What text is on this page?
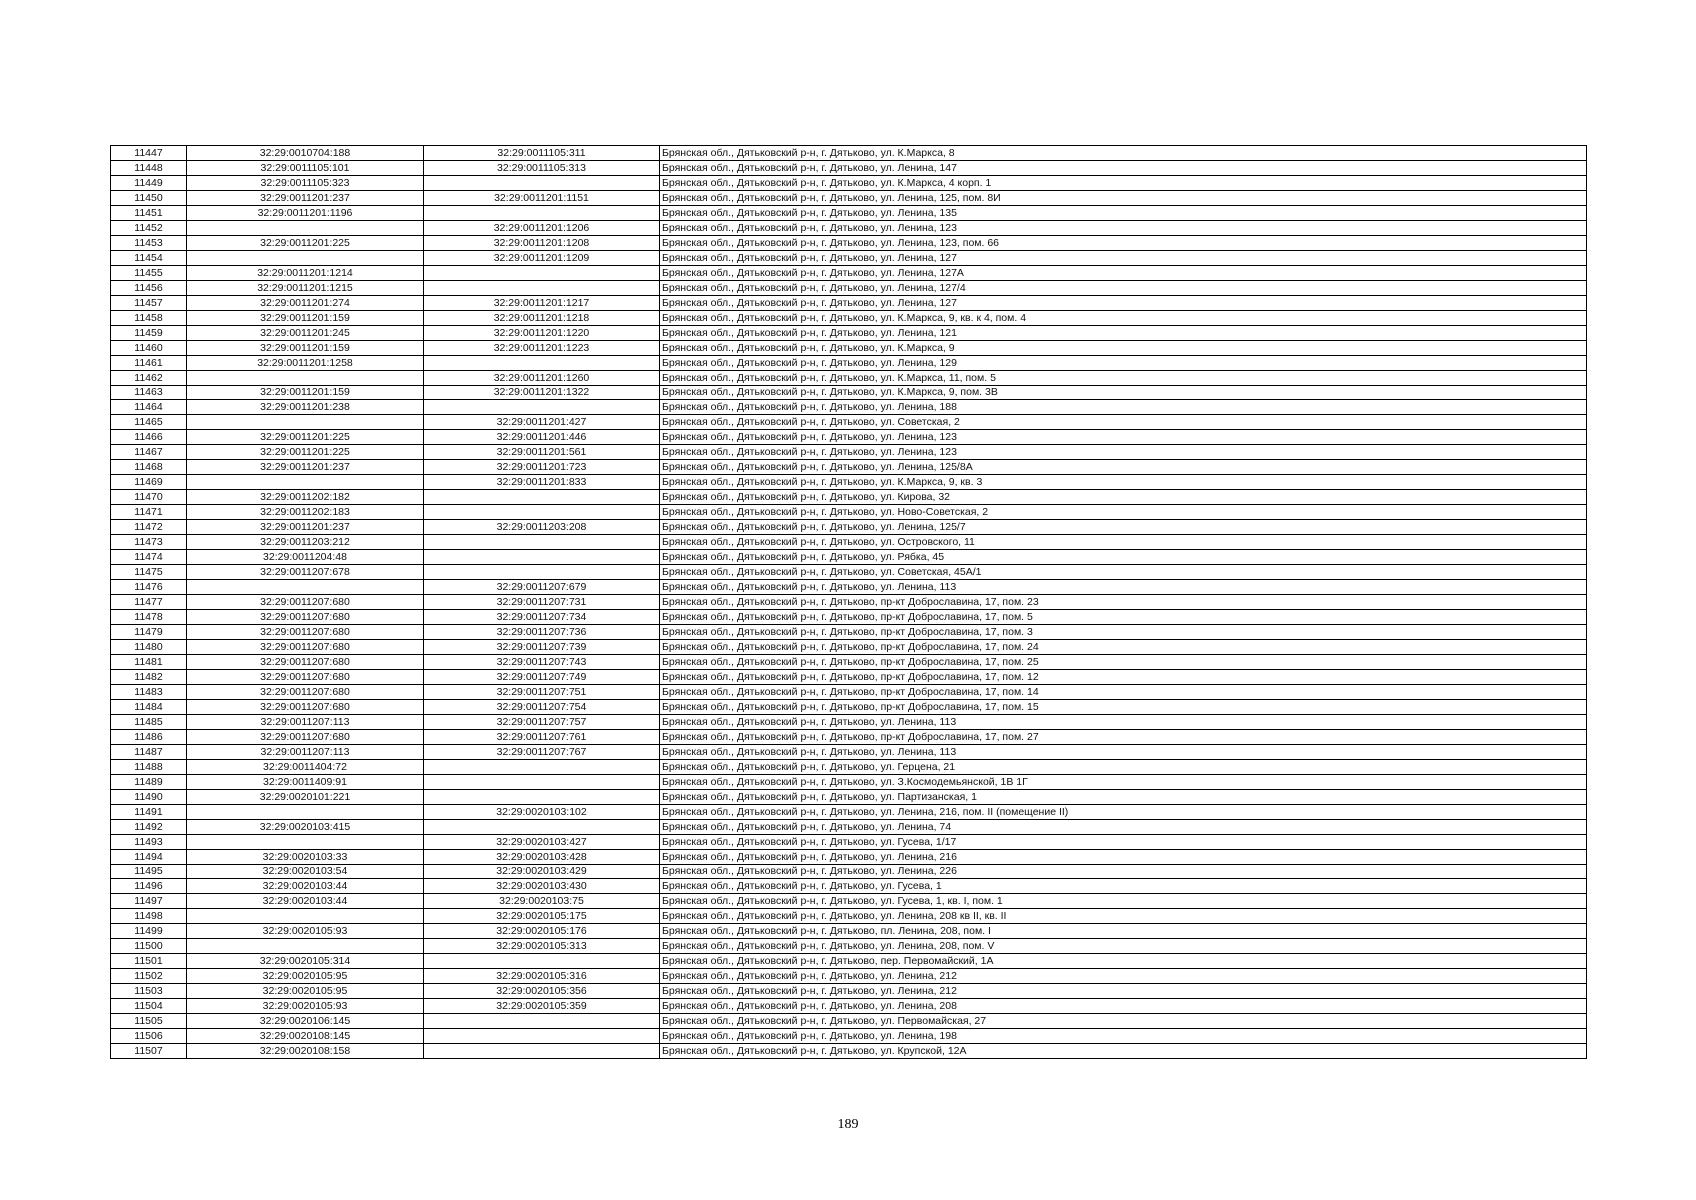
11447	32:29:0010704:188	32:29:0011105:311	Брянская обл., Дятьковский р-н, г. Дятьково, ул. К.Маркса, 8
11448	32:29:0011105:101	32:29:0011105:313	Брянская обл., Дятьковский р-н, г. Дятьково, ул. Ленина, 147
11449	32:29:0011105:323		Брянская обл., Дятьковский р-н, г. Дятьково, ул. К.Маркса, 4 корп. 1
11450	32:29:0011201:237	32:29:0011201:1151	Брянская обл., Дятьковский р-н, г. Дятьково, ул. Ленина, 125, пом. 8И
11451	32:29:0011201:1196		Брянская обл., Дятьковский р-н, г. Дятьково, ул. Ленина, 135
11452		32:29:0011201:1206	Брянская обл., Дятьковский р-н, г. Дятьково, ул. Ленина, 123
11453	32:29:0011201:225	32:29:0011201:1208	Брянская обл., Дятьковский р-н, г. Дятьково, ул. Ленина, 123, пом. 66
11454		32:29:0011201:1209	Брянская обл., Дятьковский р-н, г. Дятьково, ул. Ленина, 127
11455	32:29:0011201:1214		Брянская обл., Дятьковский р-н, г. Дятьково, ул. Ленина, 127А
11456	32:29:0011201:1215		Брянская обл., Дятьковский р-н, г. Дятьково, ул. Ленина, 127/4
11457	32:29:0011201:274	32:29:0011201:1217	Брянская обл., Дятьковский р-н, г. Дятьково, ул. Ленина, 127
11458	32:29:0011201:159	32:29:0011201:1218	Брянская обл., Дятьковский р-н, г. Дятьково, ул. К.Маркса, 9, кв. к 4, пом. 4
11459	32:29:0011201:245	32:29:0011201:1220	Брянская обл., Дятьковский р-н, г. Дятьково, ул. Ленина, 121
11460	32:29:0011201:159	32:29:0011201:1223	Брянская обл., Дятьковский р-н, г. Дятьково, ул. К.Маркса, 9
11461	32:29:0011201:1258		Брянская обл., Дятьковский р-н, г. Дятьково, ул. Ленина, 129
11462		32:29:0011201:1260	Брянская обл., Дятьковский р-н, г. Дятьково, ул. К.Маркса, 11, пом. 5
11463	32:29:0011201:159	32:29:0011201:1322	Брянская обл., Дятьковский р-н, г. Дятьково, ул. К.Маркса, 9, пом. 3В
11464	32:29:0011201:238		Брянская обл., Дятьковский р-н, г. Дятьково, ул. Ленина, 188
11465		32:29:0011201:427	Брянская обл., Дятьковский р-н, г. Дятьково, ул. Советская, 2
11466	32:29:0011201:225	32:29:0011201:446	Брянская обл., Дятьковский р-н, г. Дятьково, ул. Ленина, 123
11467	32:29:0011201:225	32:29:0011201:561	Брянская обл., Дятьковский р-н, г. Дятьково, ул. Ленина, 123
11468	32:29:0011201:237	32:29:0011201:723	Брянская обл., Дятьковский р-н, г. Дятьково, ул. Ленина, 125/8А
11469		32:29:0011201:833	Брянская обл., Дятьковский р-н, г. Дятьково, ул. К.Маркса, 9, кв. 3
11470	32:29:0011202:182		Брянская обл., Дятьковский р-н, г. Дятьково, ул. Кирова, 32
11471	32:29:0011202:183		Брянская обл., Дятьковский р-н, г. Дятьково, ул. Ново-Советская, 2
11472	32:29:0011201:237	32:29:0011203:208	Брянская обл., Дятьковский р-н, г. Дятьково, ул. Ленина, 125/7
11473	32:29:0011203:212		Брянская обл., Дятьковский р-н, г. Дятьково, ул. Островского, 11
11474	32:29:0011204:48		Брянская обл., Дятьковский р-н, г. Дятьково, ул. Рябка, 45
11475	32:29:0011207:678		Брянская обл., Дятьковский р-н, г. Дятьково, ул. Советская, 45А/1
11476		32:29:0011207:679	Брянская обл., Дятьковский р-н, г. Дятьково, ул. Ленина, 113
11477	32:29:0011207:680	32:29:0011207:731	Брянская обл., Дятьковский р-н, г. Дятьково, пр-кт Доброславина, 17, пом. 23
11478	32:29:0011207:680	32:29:0011207:734	Брянская обл., Дятьковский р-н, г. Дятьково, пр-кт Доброславина, 17, пом. 5
11479	32:29:0011207:680	32:29:0011207:736	Брянская обл., Дятьковский р-н, г. Дятьково, пр-кт Доброславина, 17, пом. 3
11480	32:29:0011207:680	32:29:0011207:739	Брянская обл., Дятьковский р-н, г. Дятьково, пр-кт Доброславина, 17, пом. 24
11481	32:29:0011207:680	32:29:0011207:743	Брянская обл., Дятьковский р-н, г. Дятьково, пр-кт Доброславина, 17, пом. 25
11482	32:29:0011207:680	32:29:0011207:749	Брянская обл., Дятьковский р-н, г. Дятьково, пр-кт Доброславина, 17, пом. 12
11483	32:29:0011207:680	32:29:0011207:751	Брянская обл., Дятьковский р-н, г. Дятьково, пр-кт Доброславина, 17, пом. 14
11484	32:29:0011207:680	32:29:0011207:754	Брянская обл., Дятьковский р-н, г. Дятьково, пр-кт Доброславина, 17, пом. 15
11485	32:29:0011207:113	32:29:0011207:757	Брянская обл., Дятьковский р-н, г. Дятьково, ул. Ленина, 113
11486	32:29:0011207:680	32:29:0011207:761	Брянская обл., Дятьковский р-н, г. Дятьково, пр-кт Доброславина, 17, пом. 27
11487	32:29:0011207:113	32:29:0011207:767	Брянская обл., Дятьковский р-н, г. Дятьково, ул. Ленина, 113
11488	32:29:0011404:72		Брянская обл., Дятьковский р-н, г. Дятьково, ул. Герцена, 21
11489	32:29:0011409:91		Брянская обл., Дятьковский р-н, г. Дятьково, ул. З.Космодемьянской, 1В 1Г
11490	32:29:0020101:221		Брянская обл., Дятьковский р-н, г. Дятьково, ул. Партизанская, 1
11491		32:29:0020103:102	Брянская обл., Дятьковский р-н, г. Дятьково, ул. Ленина, 216, пом. II (помещение II)
11492	32:29:0020103:415		Брянская обл., Дятьковский р-н, г. Дятьково, ул. Ленина, 74
11493		32:29:0020103:427	Брянская обл., Дятьковский р-н, г. Дятьково, ул. Гусева, 1/17
11494	32:29:0020103:33	32:29:0020103:428	Брянская обл., Дятьковский р-н, г. Дятьково, ул. Ленина, 216
11495	32:29:0020103:54	32:29:0020103:429	Брянская обл., Дятьковский р-н, г. Дятьково, ул. Ленина, 226
11496	32:29:0020103:44	32:29:0020103:430	Брянская обл., Дятьковский р-н, г. Дятьково, ул. Гусева, 1
11497	32:29:0020103:44	32:29:0020103:75	Брянская обл., Дятьковский р-н, г. Дятьково, ул. Гусева, 1, кв. I, пом. 1
11498		32:29:0020105:175	Брянская обл., Дятьковский р-н, г. Дятьково, ул. Ленина, 208 кв II, кв. II
11499	32:29:0020105:93	32:29:0020105:176	Брянская обл., Дятьковский р-н, г. Дятьково, пл. Ленина, 208, пом. I
11500		32:29:0020105:313	Брянская обл., Дятьковский р-н, г. Дятьково, ул. Ленина, 208, пом. V
11501	32:29:0020105:314		Брянская обл., Дятьковский р-н, г. Дятьково, пер. Первомайский, 1А
11502	32:29:0020105:95	32:29:0020105:316	Брянская обл., Дятьковский р-н, г. Дятьково, ул. Ленина, 212
11503	32:29:0020105:95	32:29:0020105:356	Брянская обл., Дятьковский р-н, г. Дятьково, ул. Ленина, 212
11504	32:29:0020105:93	32:29:0020105:359	Брянская обл., Дятьковский р-н, г. Дятьково, ул. Ленина, 208
11505	32:29:0020106:145		Брянская обл., Дятьковский р-н, г. Дятьково, ул. Первомайская, 27
11506	32:29:0020108:145		Брянская обл., Дятьковский р-н, г. Дятьково, ул. Ленина, 198
11507	32:29:0020108:158		Брянская обл., Дятьковский р-н, г. Дятьково, ул. Крупской, 12А
189
